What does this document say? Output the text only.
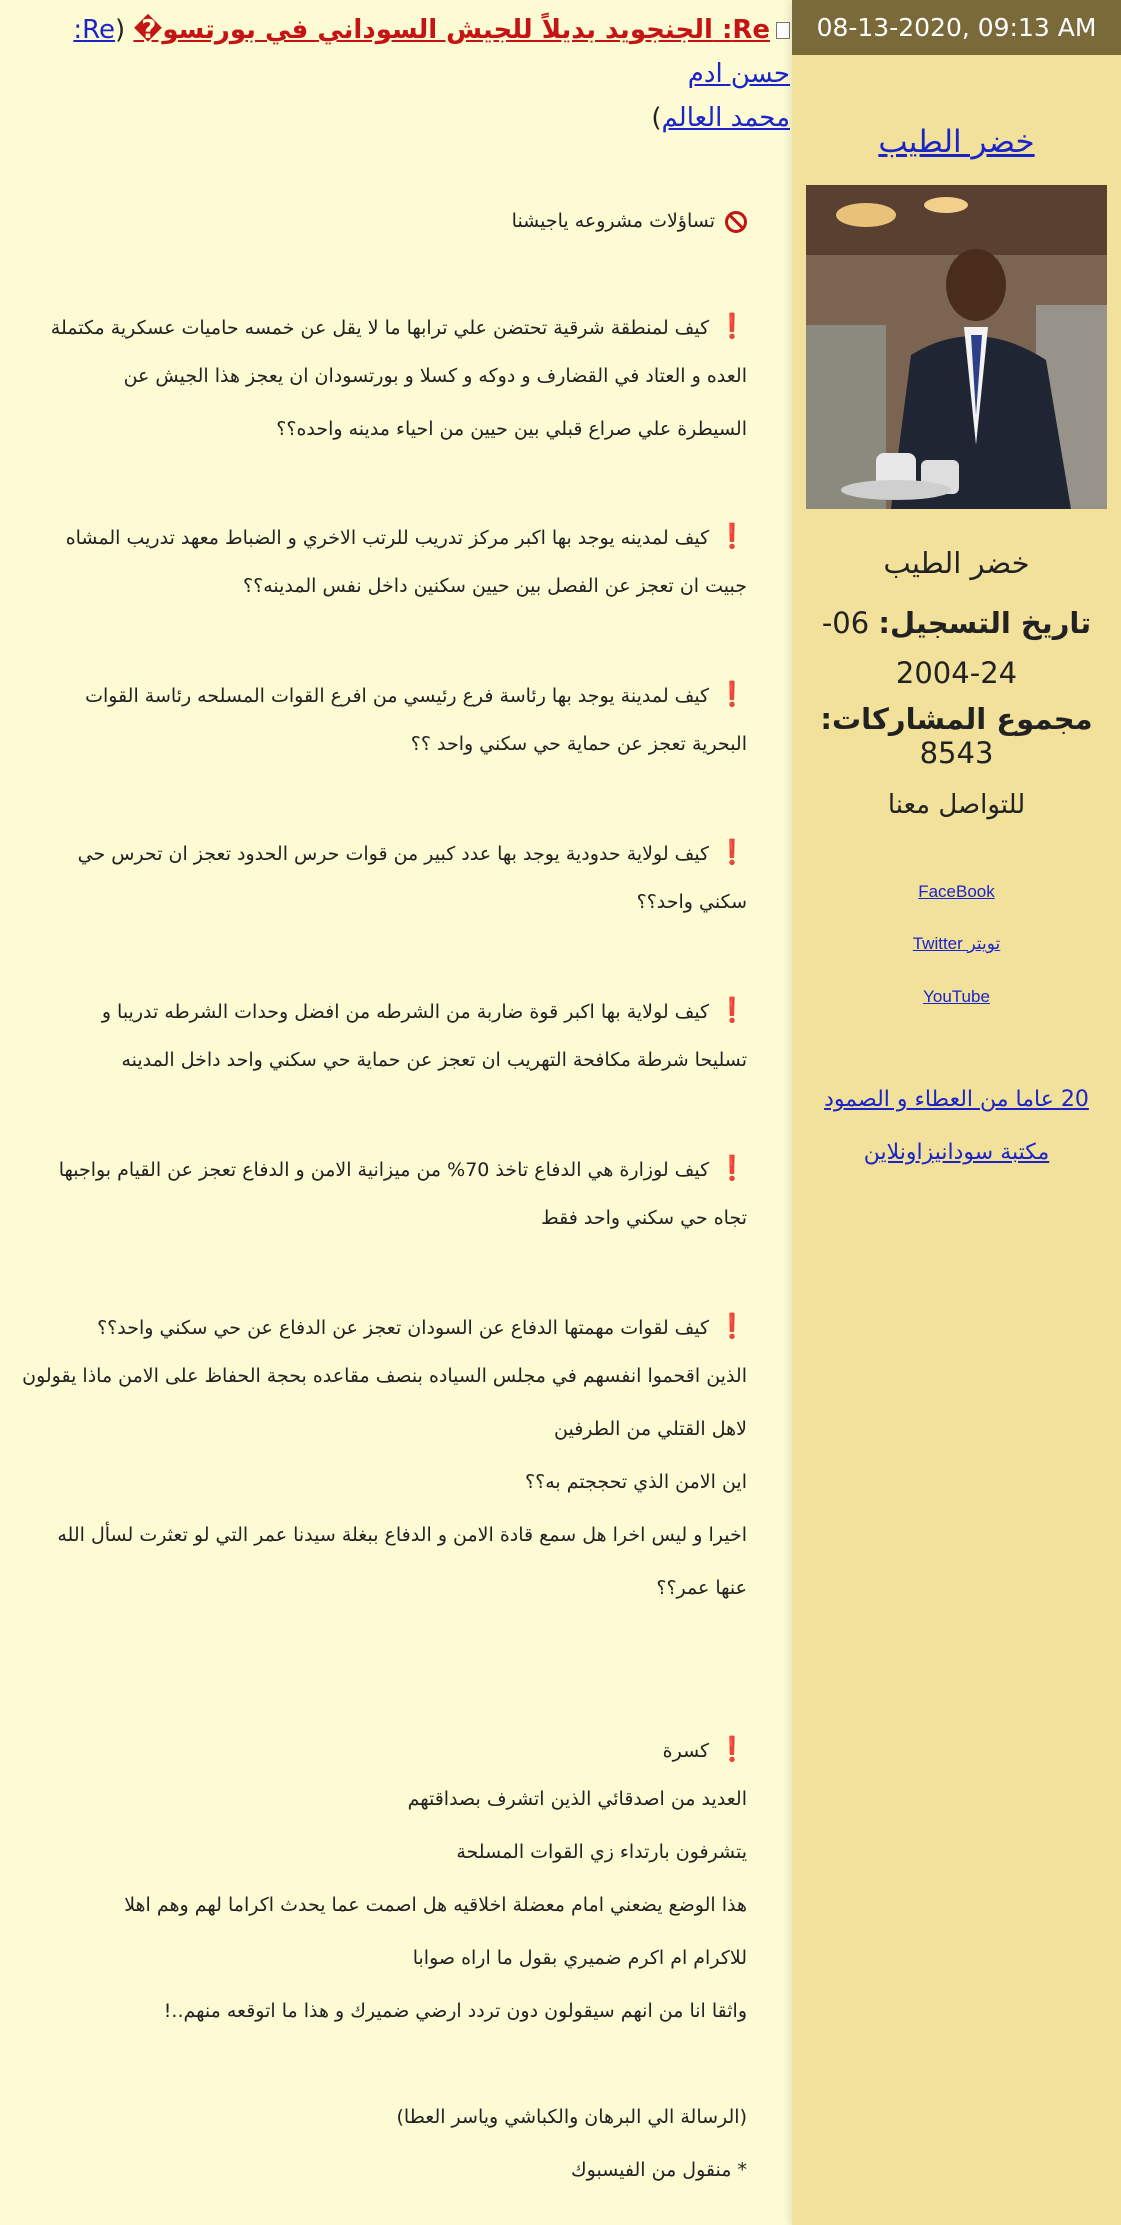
Re: الجنجويد بديلاً للجيش السوداني في بورتسو� (Re: حسن ادم
محمد العالم)
08-13-2020, 09:13 AM
خضر الطيب
خضر الطيب
تاريخ التسجيل: 06-24-2004
مجموع المشاركات: 8543
للتواصل معنا
FaceBook
تويتر Twitter
YouTube
20 عاما من العطاء و الصمود
مكتبة سودانيزاونلاين
تساؤلات مشروعه ياجيشنا
❗كيف لمنطقة شرقية تحتضن علي ترابها ما لا يقل عن خمسه حاميات عسكرية مكتملة
العده و العتاد في القضارف و دوكه و كسلا و بورتسودان ان يعجز هذا الجيش عن
السيطرة علي صراع قبلي بين حيين من احياء مدينه واحده؟؟
❗كيف لمدينه يوجد بها اكبر مركز تدريب للرتب الاخري و الضباط معهد تدريب المشاه
جبيت ان تعجز عن الفصل بين حيين سكنين داخل نفس المدينه؟؟
❗كيف لمدينة يوجد بها رئاسة فرع رئيسي من افرع القوات المسلحه رئاسة القوات
البحرية تعجز عن حماية حي سكني واحد ؟؟
❗كيف لولاية حدودية يوجد بها عدد كبير من قوات حرس الحدود تعجز ان تحرس حي
سكني واحد؟؟
❗كيف لولاية بها اكبر قوة ضاربة من الشرطه من افضل وحدات الشرطه تدريبا و
تسليحا شرطة مكافحة التهريب ان تعجز عن حماية حي سكني واحد داخل المدينه
❗كيف لوزارة هي الدفاع تاخذ 70% من ميزانية الامن و الدفاع تعجز عن القيام بواجبها
تجاه حي سكني واحد فقط
❗كيف لقوات مهمتها الدفاع عن السودان تعجز عن الدفاع عن حي سكني واحد؟؟
الذين اقحموا انفسهم في مجلس السياده بنصف مقاعده بحجة الحفاظ على الامن ماذا يقولون
لاهل القتلي من الطرفين
اين الامن الذي تحججتم به؟؟
اخيرا و ليس اخرا هل سمع قادة الامن و الدفاع ببغلة سيدنا عمر التي لو تعثرت لسأل الله
عنها عمر؟؟
❗كسرة
العديد من اصدقائي الذين اتشرف بصداقتهم
يتشرفون بارتداء زي القوات المسلحة
هذا الوضع يضعني امام معضلة اخلاقيه هل اصمت عما يحدث اكراما لهم وهم اهلا
للاكرام ام اكرم ضميري بقول ما اراه صوابا
واثقا انا من انهم سيقولون دون تردد ارضي ضميرك و هذا ما اتوقعه منهم..!
(الرسالة الي البرهان والكباشي وياسر العطا)
* منقول من الفيسبوك
